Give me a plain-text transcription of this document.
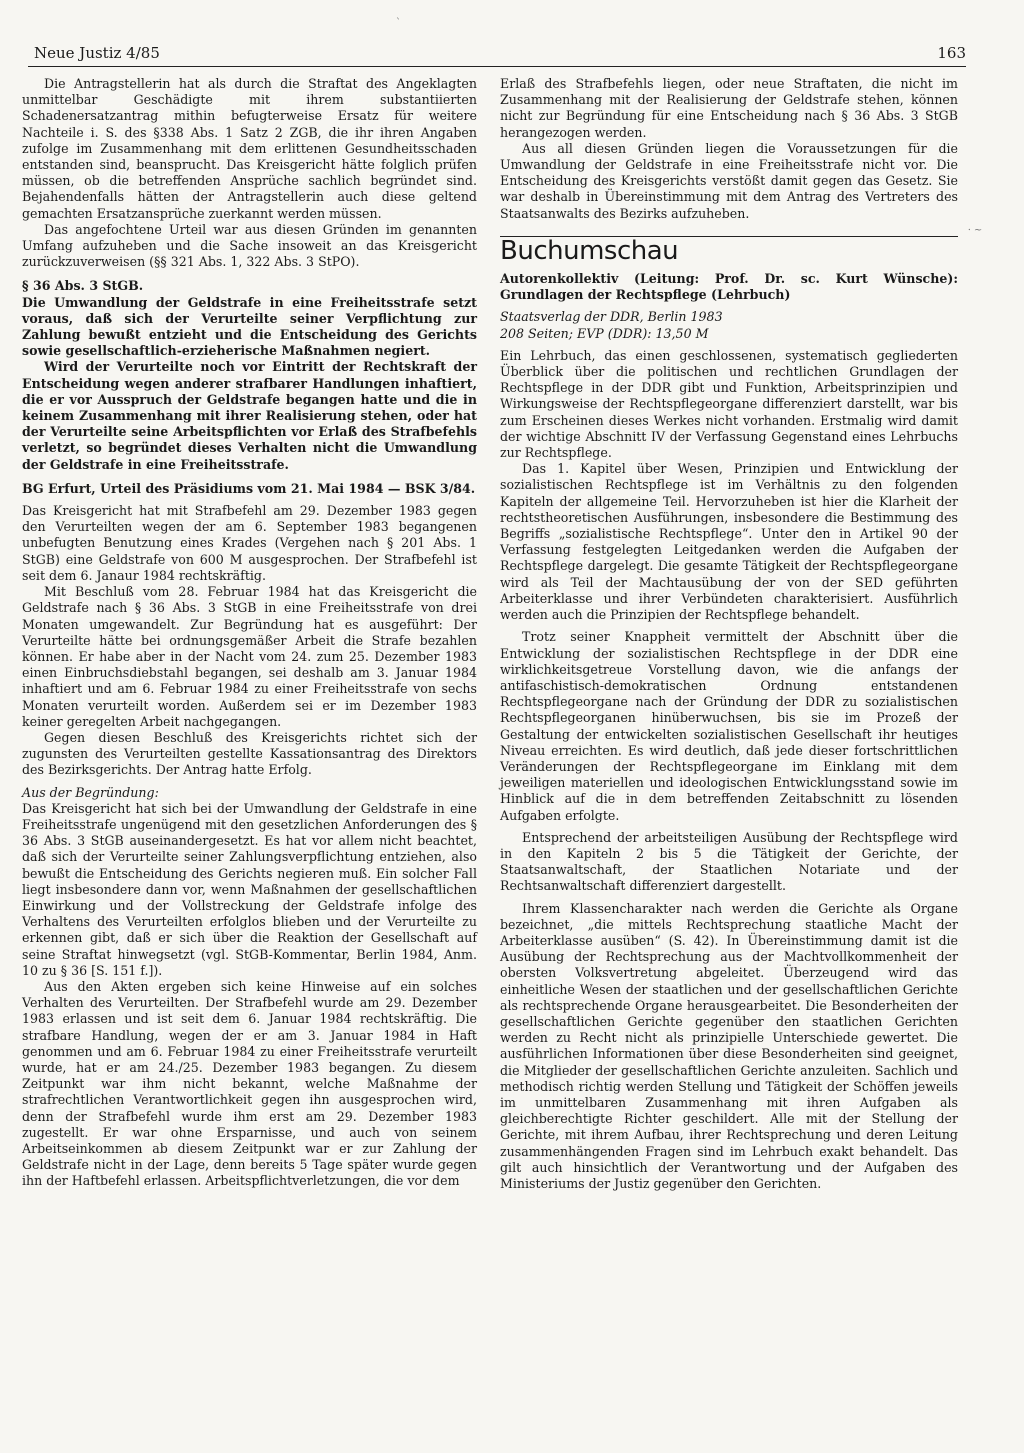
Neue Justiz 4/85	163

Die Antragstellerin hat als durch die Straftat des Angeklagten unmittelbar Geschädigte mit ihrem substantiierten Schadenersatzantrag mithin befugterweise Ersatz für weitere Nachteile i. S. des §338 Abs. 1 Satz 2 ZGB, die ihr ihren Angaben zufolge im Zusammenhang mit dem erlittenen Gesundheitsschaden entstanden sind, beansprucht. Das Kreisgericht hätte folglich prüfen müssen, ob die betreffenden Ansprüche sachlich begründet sind. Bejahendenfalls hätten der Antragstellerin auch diese geltend gemachten Ersatzansprüche zuerkannt werden müssen.

Das angefochtene Urteil war aus diesen Gründen im genannten Umfang aufzuheben und die Sache insoweit an das Kreisgericht zurückzuverweisen (§§ 321 Abs. 1, 322 Abs. 3 StPO).

§ 36 Abs. 3 StGB.

Die Umwandlung der Geldstrafe in eine Freiheitsstrafe setzt voraus, daß sich der Verurteilte seiner Verpflichtung zur Zahlung bewußt entzieht und die Entscheidung des Gerichts sowie gesellschaftlich-erzieherische Maßnahmen negiert.

Wird der Verurteilte noch vor Eintritt der Rechtskraft der Entscheidung wegen anderer strafbarer Handlungen inhaftiert, die er vor Ausspruch der Geldstrafe begangen hatte und die in keinem Zusammenhang mit ihrer Realisierung stehen, oder hat der Verurteilte seine Arbeitspflichten vor Erlaß des Strafbefehls verletzt, so begründet dieses Verhalten nicht die Umwandlung der Geldstrafe in eine Freiheitsstrafe.

BG Erfurt, Urteil des Präsidiums vom 21. Mai 1984 — BSK 3/84.

Das Kreisgericht hat mit Strafbefehl am 29. Dezember 1983 gegen den Verurteilten wegen der am 6. September 1983 begangenen unbefugten Benutzung eines Krades (Vergehen nach § 201 Abs. 1 StGB) eine Geldstrafe von 600 M ausgesprochen. Der Strafbefehl ist seit dem 6. Janaur 1984 rechtskräftig.

Mit Beschluß vom 28. Februar 1984 hat das Kreisgericht die Geldstrafe nach § 36 Abs. 3 StGB in eine Freiheitsstrafe von drei Monaten umgewandelt. Zur Begründung hat es ausgeführt: Der Verurteilte hätte bei ordnungsgemäßer Arbeit die Strafe bezahlen können. Er habe aber in der Nacht vom 24. zum 25. Dezember 1983 einen Einbruchsdiebstahl begangen, sei deshalb am 3. Januar 1984 inhaftiert und am 6. Februar 1984 zu einer Freiheitsstrafe von sechs Monaten verurteilt worden. Außerdem sei er im Dezember 1983 keiner geregelten Arbeit nachgegangen.

Gegen diesen Beschluß des Kreisgerichts richtet sich der zugunsten des Verurteilten gestellte Kassationsantrag des Direktors des Bezirksgerichts. Der Antrag hatte Erfolg.

Aus der Begründung:

Das Kreisgericht hat sich bei der Umwandlung der Geldstrafe in eine Freiheitsstrafe ungenügend mit den gesetzlichen Anforderungen des § 36 Abs. 3 StGB auseinandergesetzt. Es hat vor allem nicht beachtet, daß sich der Verurteilte seiner Zahlungsverpflichtung entziehen, also bewußt die Entscheidung des Gerichts negieren muß. Ein solcher Fall liegt insbesondere dann vor, wenn Maßnahmen der gesellschaftlichen Einwirkung und der Vollstreckung der Geldstrafe infolge des Verhaltens des Verurteilten erfolglos blieben und der Verurteilte zu erkennen gibt, daß er sich über die Reaktion der Gesellschaft auf seine Straftat hinwegsetzt (vgl. StGB-Kommentar, Berlin 1984, Anm. 10 zu § 36 [S. 151 f.]).

Aus den Akten ergeben sich keine Hinweise auf ein solches Verhalten des Verurteilten. Der Strafbefehl wurde am 29. Dezember 1983 erlassen und ist seit dem 6. Januar 1984 rechtskräftig. Die strafbare Handlung, wegen der er am 3. Januar 1984 in Haft genommen und am 6. Februar 1984 zu einer Freiheitsstrafe verurteilt wurde, hat er am 24./25. Dezember 1983 begangen. Zu diesem Zeitpunkt war ihm nicht bekannt, welche Maßnahme der strafrechtlichen Verantwortlichkeit gegen ihn ausgesprochen wird, denn der Strafbefehl wurde ihm erst am 29. Dezember 1983 zugestellt. Er war ohne Ersparnisse, und auch von seinem Arbeitseinkommen ab diesem Zeitpunkt war er zur Zahlung der Geldstrafe nicht in der Lage, denn bereits 5 Tage später wurde gegen ihn der Haftbefehl erlassen. Arbeitspflichtverletzungen, die vor dem

Erlaß des Strafbefehls liegen, oder neue Straftaten, die nicht im Zusammenhang mit der Realisierung der Geldstrafe stehen, können nicht zur Begründung für eine Entscheidung nach § 36 Abs. 3 StGB herangezogen werden.

Aus all diesen Gründen liegen die Voraussetzungen für die Umwandlung der Geldstrafe in eine Freiheitsstrafe nicht vor. Die Entscheidung des Kreisgerichts verstößt damit gegen das Gesetz. Sie war deshalb in Übereinstimmung mit dem Antrag des Vertreters des Staatsanwalts des Bezirks aufzuheben.

Buchumschau

Autorenkollektiv (Leitung: Prof. Dr. sc. Kurt Wünsche): Grundlagen der Rechtspflege (Lehrbuch)

Staatsverlag der DDR, Berlin 1983

208 Seiten; EVP (DDR): 13,50 M

Ein Lehrbuch, das einen geschlossenen, systematisch gegliederten Überblick über die politischen und rechtlichen Grundlagen der Rechtspflege in der DDR gibt und Funktion, Arbeitsprinzipien und Wirkungsweise der Rechtspflegeorgane differenziert darstellt, war bis zum Erscheinen dieses Werkes nicht vorhanden. Erstmalig wird damit der wichtige Abschnitt IV der Verfassung Gegenstand eines Lehrbuchs zur Rechtspflege.

Das 1. Kapitel über Wesen, Prinzipien und Entwicklung der sozialistischen Rechtspflege ist im Verhältnis zu den folgenden Kapiteln der allgemeine Teil. Hervorzuheben ist hier die Klarheit der rechtstheoretischen Ausführungen, insbesondere die Bestimmung des Begriffs „sozialistische Rechtspflege“. Unter den in Artikel 90 der Verfassung festgelegten Leitgedanken werden die Aufgaben der Rechtspflege dargelegt. Die gesamte Tätigkeit der Rechtspflegeorgane wird als Teil der Machtausübung der von der SED geführten Arbeiterklasse und ihrer Verbündeten charakterisiert. Ausführlich werden auch die Prinzipien der Rechtspflege behandelt.

Trotz seiner Knappheit vermittelt der Abschnitt über die Entwicklung der sozialistischen Rechtspflege in der DDR eine wirklichkeitsgetreue Vorstellung davon, wie die anfangs der antifaschistisch-demokratischen Ordnung entstandenen Rechtspflegeorgane nach der Gründung der DDR zu sozialistischen Rechtspflegeorganen hinüberwuchsen, bis sie im Prozeß der Gestaltung der entwickelten sozialistischen Gesellschaft ihr heutiges Niveau erreichten. Es wird deutlich, daß jede dieser fortschrittlichen Veränderungen der Rechtspflegeorgane im Einklang mit dem jeweiligen materiellen und ideologischen Entwicklungsstand sowie im Hinblick auf die in dem betreffenden Zeitabschnitt zu lösenden Aufgaben erfolgte.

Entsprechend der arbeitsteiligen Ausübung der Rechtspflege wird in den Kapiteln 2 bis 5 die Tätigkeit der Gerichte, der Staatsanwaltschaft, der Staatlichen Notariate und der Rechtsanwaltschaft differenziert dargestellt.

Ihrem Klassencharakter nach werden die Gerichte als Organe bezeichnet, „die mittels Rechtsprechung staatliche Macht der Arbeiterklasse ausüben“ (S. 42). In Übereinstimmung damit ist die Ausübung der Rechtsprechung aus der Machtvollkommenheit der obersten Volksvertretung abgeleitet. Überzeugend wird das einheitliche Wesen der staatlichen und der gesellschaftlichen Gerichte als rechtsprechende Organe herausgearbeitet. Die Besonderheiten der gesellschaftlichen Gerichte gegenüber den staatlichen Gerichten werden zu Recht nicht als prinzipielle Unterschiede gewertet. Die ausführlichen Informationen über diese Besonderheiten sind geeignet, die Mitglieder der gesellschaftlichen Gerichte anzuleiten. Sachlich und methodisch richtig werden Stellung und Tätigkeit der Schöffen jeweils im unmittelbaren Zusammenhang mit ihren Aufgaben als gleichberechtigte Richter geschildert. Alle mit der Stellung der Gerichte, mit ihrem Aufbau, ihrer Rechtsprechung und deren Leitung zusammenhängenden Fragen sind im Lehrbuch exakt behandelt. Das gilt auch hinsichtlich der Verantwortung und der Aufgaben des Ministeriums der Justiz gegenüber den Gerichten.

ˋ
⸱ ~
